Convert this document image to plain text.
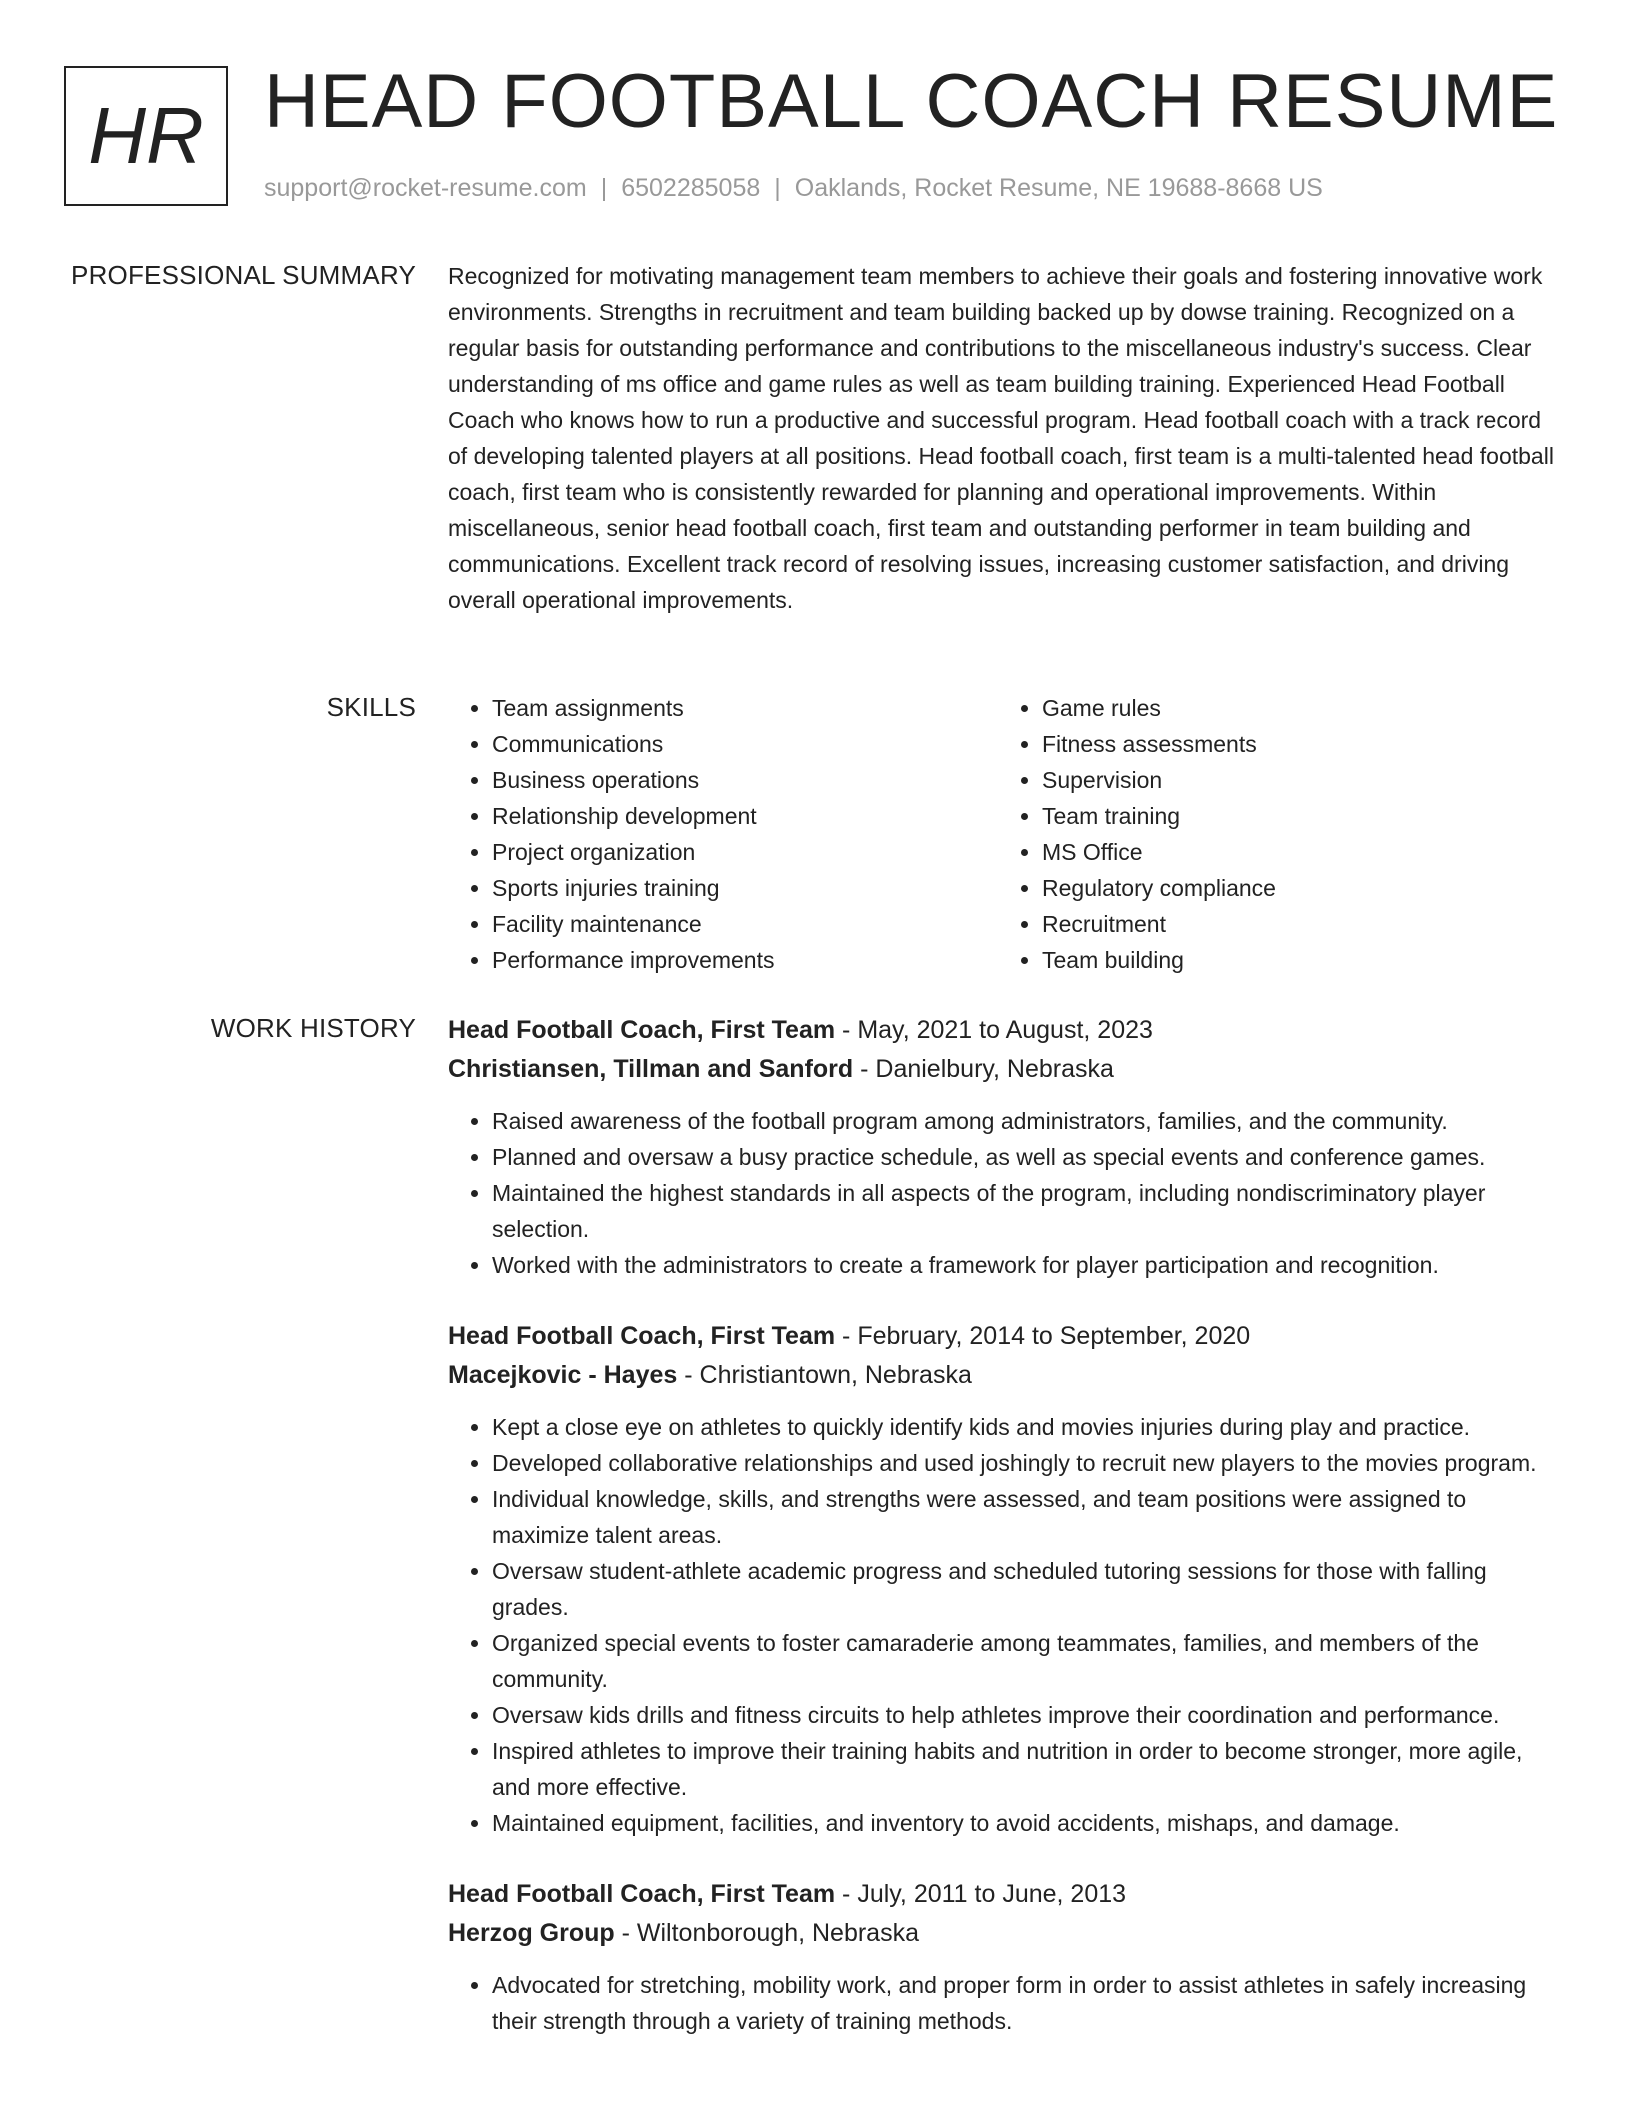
HR HEAD FOOTBALL COACH RESUME
support@rocket-resume.com | 6502285058 | Oaklands, Rocket Resume, NE 19688-8668 US
PROFESSIONAL SUMMARY Recognized for motivating management team members to achieve their goals and fostering innovative work environments. Strengths in recruitment and team building backed up by dowse training. Recognized on a regular basis for outstanding performance and contributions to the miscellaneous industry's success. Clear understanding of ms office and game rules as well as team building training. Experienced Head Football Coach who knows how to run a productive and successful program. Head football coach with a track record of developing talented players at all positions. Head football coach, first team is a multi-talented head football coach, first team who is consistently rewarded for planning and operational improvements. Within miscellaneous, senior head football coach, first team and outstanding performer in team building and communications. Excellent track record of resolving issues, increasing customer satisfaction, and driving overall operational improvements.

SKILLS
•	Team assignments
• Communications
• Business operations
• Relationship development
• Project organization
• Sports injuries training
• Facility maintenance
• Performance improvements
• Game rules
• Fitness assessments
• Supervision
• Team training
• MS Office
• Regulatory compliance
• Recruitment
• Team building
WORK HISTORY Head Football Coach, First Team - May, 2021 to August, 2023
Christiansen, Tillman and Sanford - Danielbury, Nebraska
• Raised awareness of the football program among administrators, families, and the community.
• Planned and oversaw a busy practice schedule, as well as special events and conference games.
• Maintained the highest standards in all aspects of the program, including nondiscriminatory player selection.
• Worked with the administrators to create a framework for player participation and recognition.
Head Football Coach, First Team - February, 2014 to September, 2020
Macejkovic - Hayes - Christiantown, Nebraska
• Kept a close eye on athletes to quickly identify kids and movies injuries during play and practice.
• Developed collaborative relationships and used joshingly to recruit new players to the movies program.
• Individual knowledge, skills, and strengths were assessed, and team positions were assigned to maximize talent areas.
• Oversaw student-athlete academic progress and scheduled tutoring sessions for those with falling grades.
• Organized special events to foster camaraderie among teammates, families, and members of the community.
• Oversaw kids drills and fitness circuits to help athletes improve their coordination and performance.
• Inspired athletes to improve their training habits and nutrition in order to become stronger, more agile, and more effective.
• Maintained equipment, facilities, and inventory to avoid accidents, mishaps, and damage.
Head Football Coach, First Team - July, 2011 to June, 2013
Herzog Group - Wiltonborough, Nebraska
• Advocated for stretching, mobility work, and proper form in order to assist athletes in safely increasing their strength through a variety of training methods.
